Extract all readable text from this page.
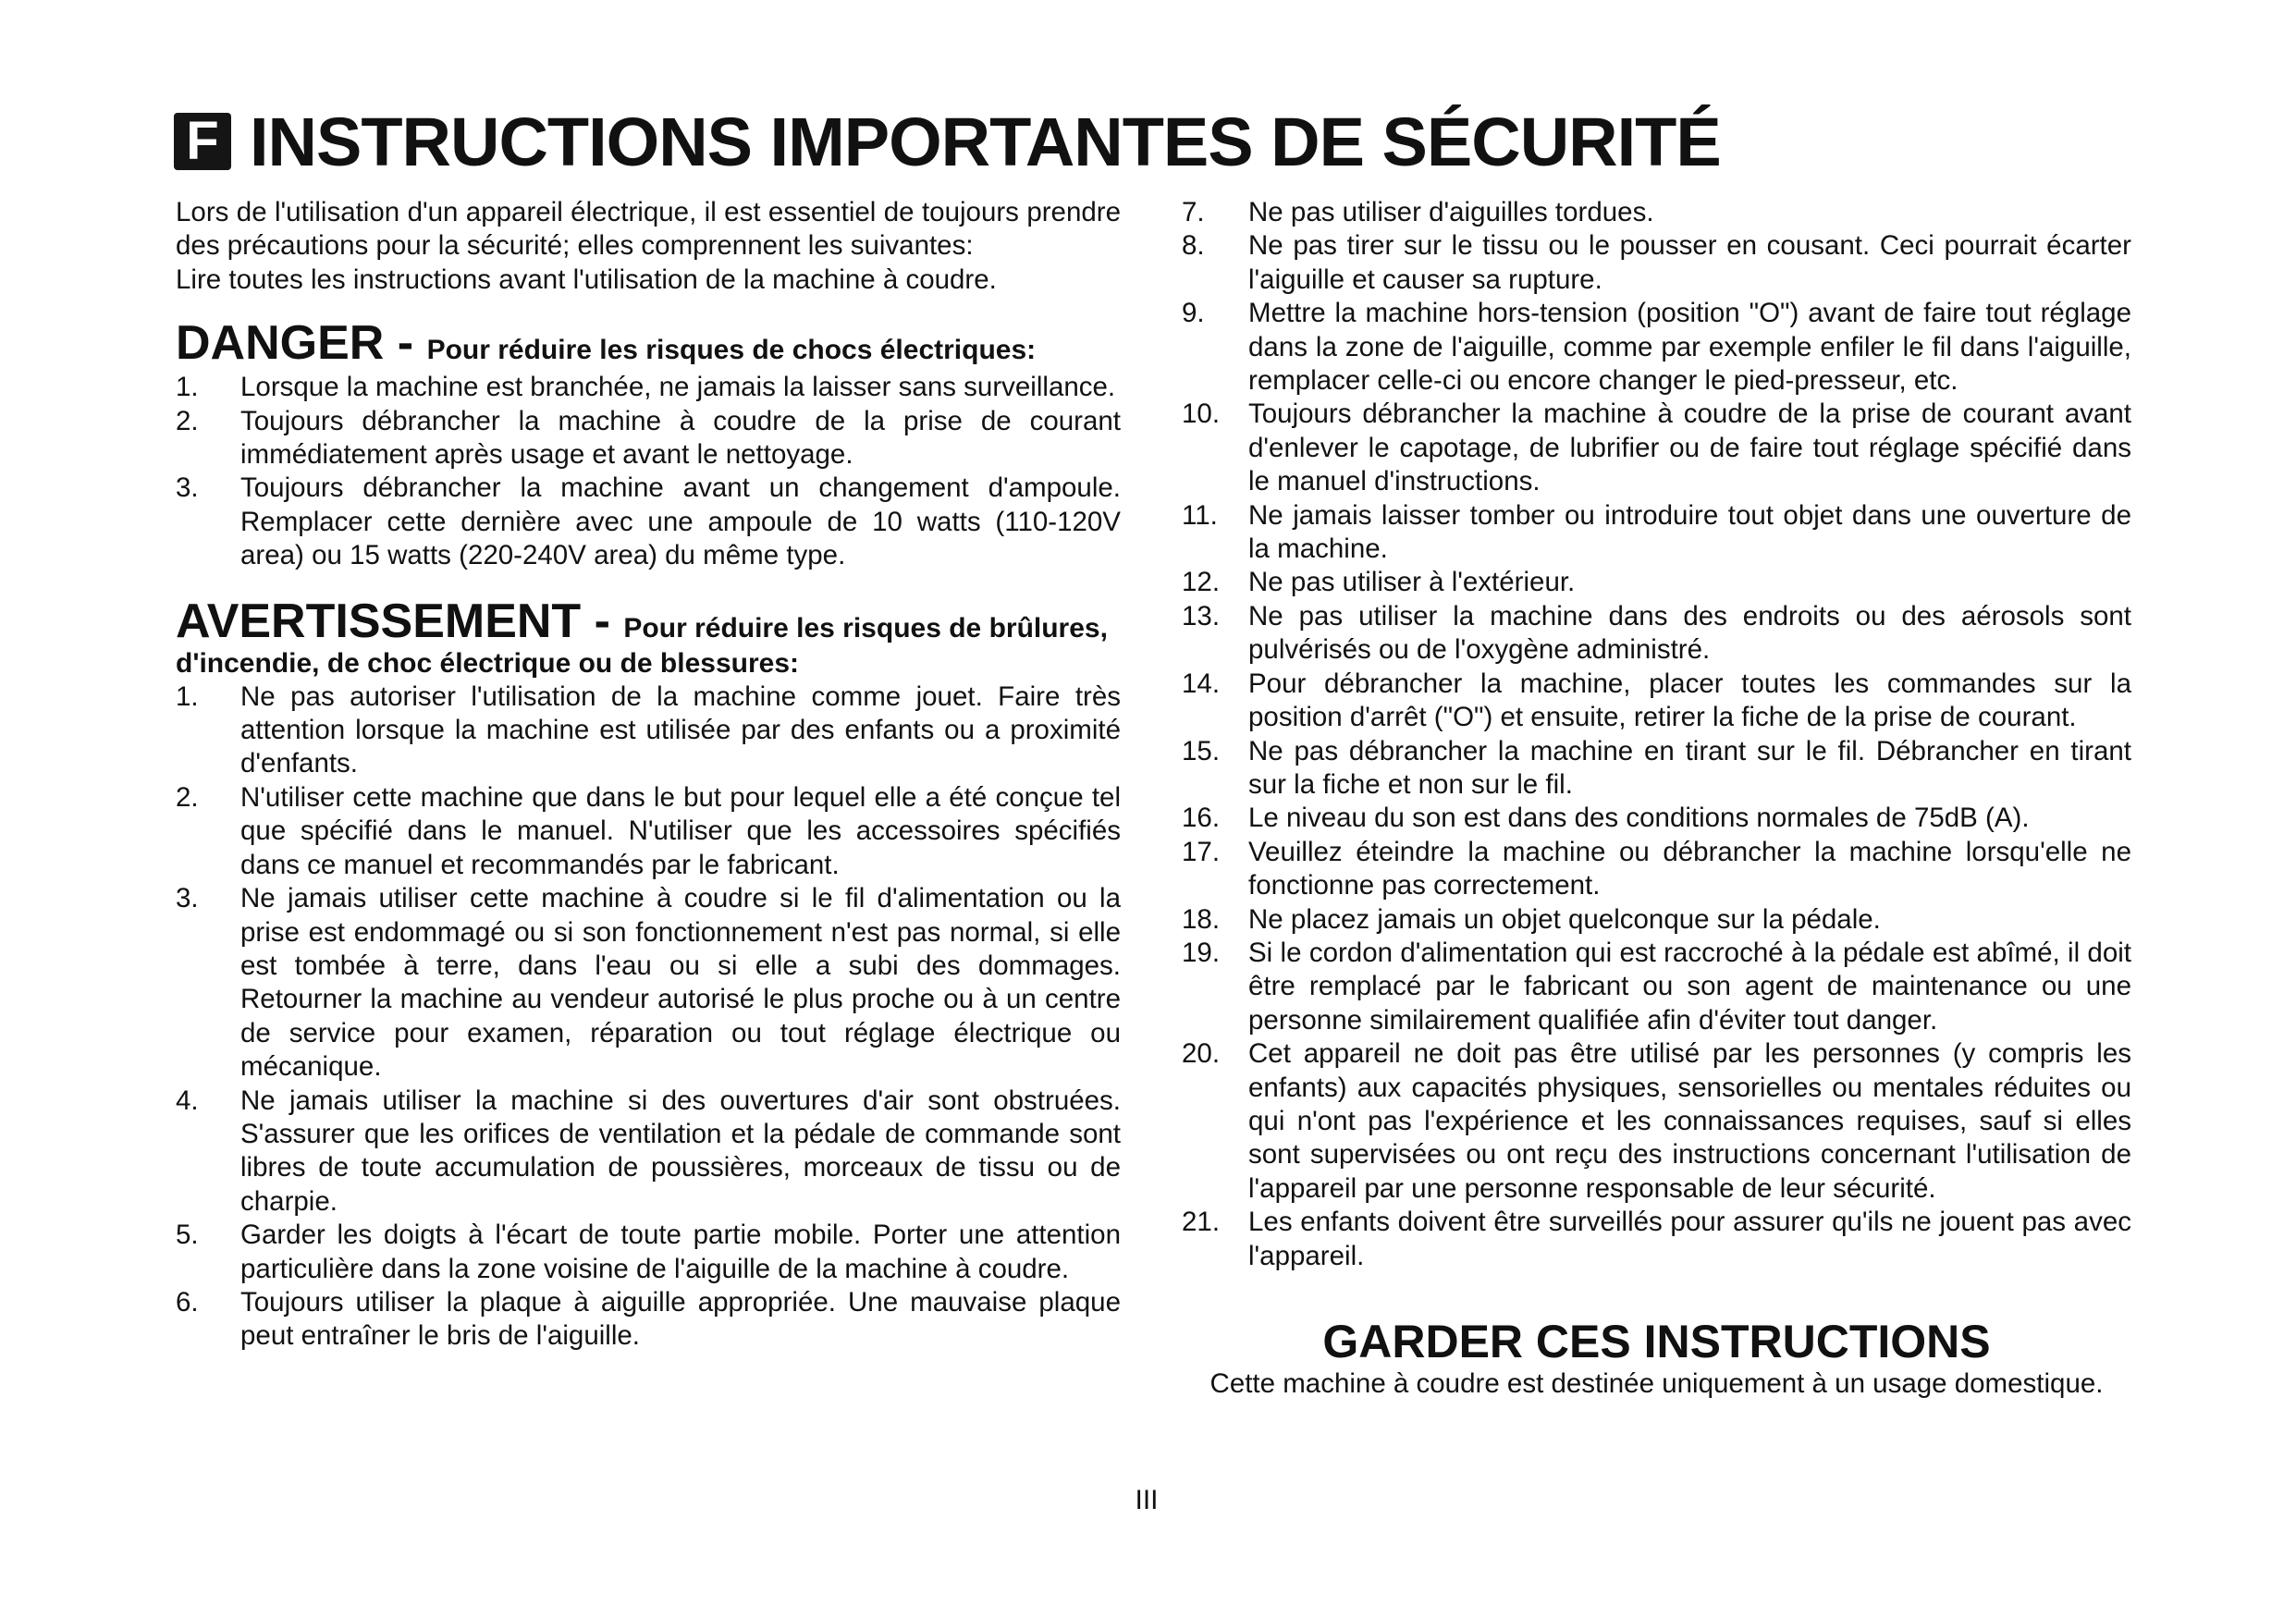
F INSTRUCTIONS IMPORTANTES DE SÉCURITÉ
Lors de l'utilisation d'un appareil électrique, il est essentiel de toujours prendre des précautions pour la sécurité; elles comprennent les suivantes:
Lire toutes les instructions avant l'utilisation de la machine à coudre.
DANGER - Pour réduire les risques de chocs électriques:
1.	Lorsque la machine est branchée, ne jamais la laisser sans surveillance.
2.	Toujours débrancher la machine à coudre de la prise de courant immédiatement après usage et avant le nettoyage.
3.	Toujours débrancher la machine avant un changement d'ampoule. Remplacer cette dernière avec une ampoule de 10 watts (110-120V area) ou 15 watts (220-240V area) du même type.
AVERTISSEMENT - Pour réduire les risques de brûlures,
d'incendie, de choc électrique ou de blessures:
1.	Ne pas autoriser l'utilisation de la machine comme jouet. Faire très attention lorsque la machine est utilisée par des enfants ou a proximité d'enfants.
2.	N'utiliser cette machine que dans le but pour lequel elle a été conçue tel que spécifié dans le manuel. N'utiliser que les accessoires spécifiés dans ce manuel et recommandés par le fabricant.
3.	Ne jamais utiliser cette machine à coudre si le fil d'alimentation ou la prise est endommagé ou si son fonctionnement n'est pas normal, si elle est tombée à terre, dans l'eau ou si elle a subi des dommages. Retourner la machine au vendeur autorisé le plus proche ou à un centre de service pour examen, réparation ou tout réglage électrique ou mécanique.
4.	Ne jamais utiliser la machine si des ouvertures d'air sont obstruées. S'assurer que les orifices de ventilation et la pédale de commande sont libres de toute accumulation de poussières, morceaux de tissu ou de charpie.
5.	Garder les doigts à l'écart de toute partie mobile. Porter une attention particulière dans la zone voisine de l'aiguille de la machine à coudre.
6.	Toujours utiliser la plaque à aiguille appropriée. Une mauvaise plaque peut entraîner le bris de l'aiguille.
7.	Ne pas utiliser d'aiguilles tordues.
8.	Ne pas tirer sur le tissu ou le pousser en cousant. Ceci pourrait écarter l'aiguille et causer sa rupture.
9.	Mettre la machine hors-tension (position "O") avant de faire tout réglage dans la zone de l'aiguille, comme par exemple enfiler le fil dans l'aiguille, remplacer celle-ci ou encore changer le pied-presseur, etc.
10.	Toujours débrancher la machine à coudre de la prise de courant avant d'enlever le capotage, de lubrifier ou de faire tout réglage spécifié dans le manuel d'instructions.
11.	Ne jamais laisser tomber ou introduire tout objet dans une ouverture de la machine.
12.	Ne pas utiliser à l'extérieur.
13.	Ne pas utiliser la machine dans des endroits ou des aérosols sont pulvérisés ou de l'oxygène administré.
14.	Pour débrancher la machine, placer toutes les commandes sur la position d'arrêt ("O") et ensuite, retirer la fiche de la prise de courant.
15.	Ne pas débrancher la machine en tirant sur le fil. Débrancher en tirant sur la fiche et non sur le fil.
16.	Le niveau du son est dans des conditions normales de 75dB (A).
17.	Veuillez éteindre la machine ou débrancher la machine lorsqu'elle ne fonctionne pas correctement.
18.	Ne placez jamais un objet quelconque sur la pédale.
19.	Si le cordon d'alimentation qui est raccroché à la pédale est abîmé, il doit être remplacé par le fabricant ou son agent de maintenance ou une personne similairement qualifiée afin d'éviter tout danger.
20.	Cet appareil ne doit pas être utilisé par les personnes (y compris les enfants) aux capacités physiques, sensorielles ou mentales réduites ou qui n'ont pas l'expérience et les connaissances requises, sauf si elles sont supervisées ou ont reçu des instructions concernant l'utilisation de l'appareil par une personne responsable de leur sécurité.
21.	Les enfants doivent être surveillés pour assurer qu'ils ne jouent pas avec l'appareil.
GARDER CES INSTRUCTIONS
Cette machine à coudre est destinée uniquement à un usage domestique.
III
